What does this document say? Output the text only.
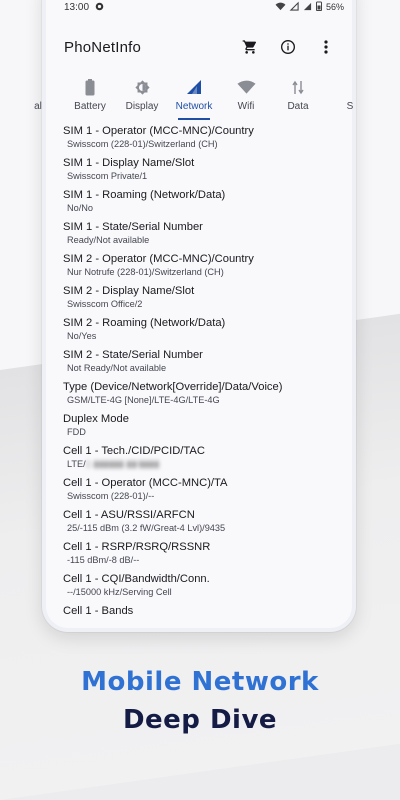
13:00	56%
PhoNetInfo
al	Battery Display Network	Wifi	Data	S
SIM 1 - Operator (MCC-MNC)/Country
Swisscom (228-01)/Switzerland (CH)
SIM 1 - Display Name/Slot
Swisscom Private/1
SIM 1 - Roaming (Network/Data)
No/No
SIM 1 - State/Serial Number
Ready/Not available
SIM 2 - Operator (MCC-MNC)/Country
Nur Notrufe (228-01)/Switzerland (CH)
SIM 2 - Display Name/Slot
Swisscom Office/2
SIM 2 - Roaming (Network/Data)
No/Yes
SIM 2 - State/Serial Number
Not Ready/Not available
Type (Device/Network[Override]/Data/Voice)
GSM/LTE-4G [None]/LTE-4G/LTE-4G
Duplex Mode
FDD
Cell 1 - Tech./CID/PCID/TAC
LTE/1 ▮▮▮▮▮▮ ▮▮/▮▮▮▮
Cell 1 - Operator (MCC-MNC)/TA
Swisscom (228-01)/--
Cell 1 - ASU/RSSI/ARFCN
25/-115 dBm (3.2 fW/Great-4 Lvl)/9435
Cell 1 - RSRP/RSRQ/RSSNR
-115 dBm/-8 dB/--
Cell 1 - CQI/Bandwidth/Conn.
--/15000 kHz/Serving Cell
Cell 1 - Bands
Mobile Network
Deep Dive
